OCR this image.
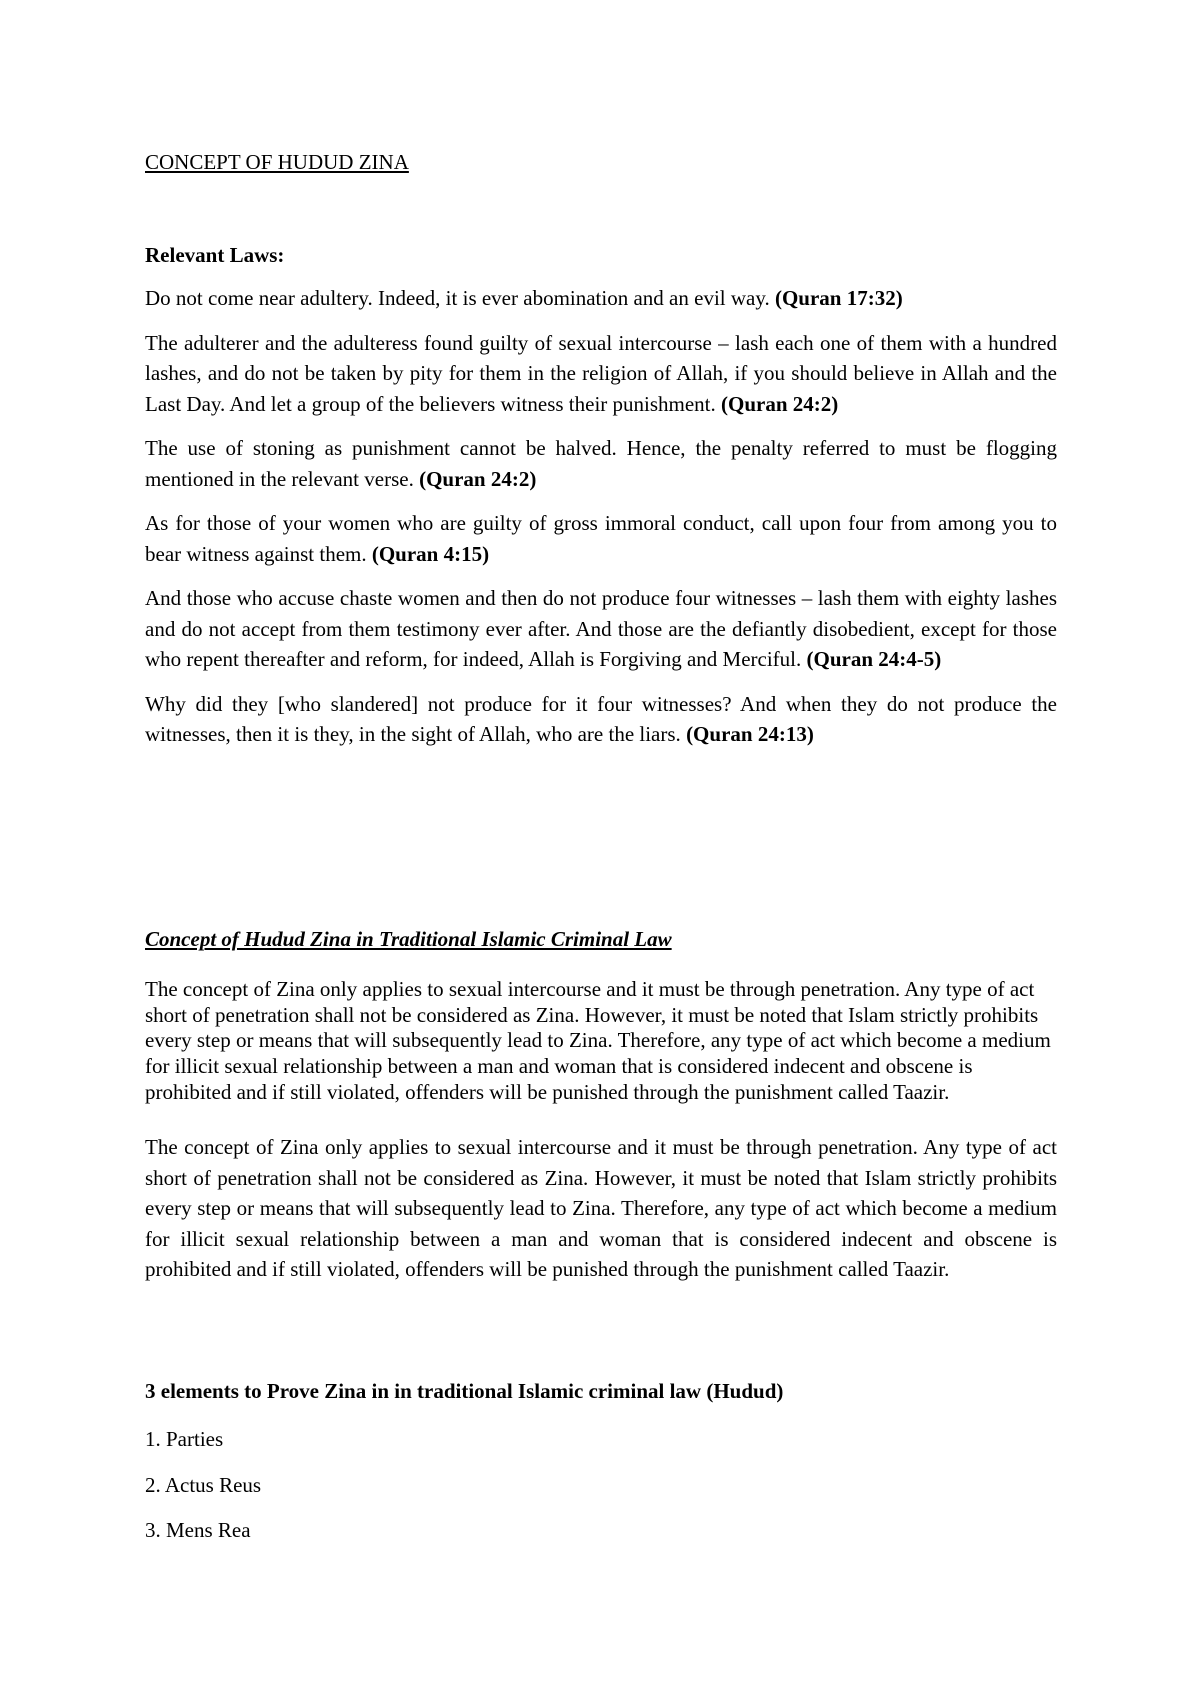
CONCEPT OF HUDUD ZINA
Relevant Laws:

Do not come near adultery. Indeed, it is ever abomination and an evil way. (Quran 17:32)

The adulterer and the adulteress found guilty of sexual intercourse – lash each one of them with a hundred lashes, and do not be taken by pity for them in the religion of Allah, if you should believe in Allah and the Last Day. And let a group of the believers witness their punishment. (Quran 24:2)

The use of stoning as punishment cannot be halved. Hence, the penalty referred to must be flogging mentioned in the relevant verse. (Quran 24:2)

As for those of your women who are guilty of gross immoral conduct, call upon four from among you to bear witness against them. (Quran 4:15)

And those who accuse chaste women and then do not produce four witnesses – lash them with eighty lashes and do not accept from them testimony ever after. And those are the defiantly disobedient, except for those who repent thereafter and reform, for indeed, Allah is Forgiving and Merciful. (Quran 24:4-5)

Why did they [who slandered] not produce for it four witnesses? And when they do not produce the witnesses, then it is they, in the sight of Allah, who are the liars. (Quran 24:13)

Concept of Hudud Zina in Traditional Islamic Criminal Law

The concept of Zina only applies to sexual intercourse and it must be through penetration. Any type of act short of penetration shall not be considered as Zina. However, it must be noted that Islam strictly prohibits every step or means that will subsequently lead to Zina. Therefore, any type of act which become a medium for illicit sexual relationship between a man and woman that is considered indecent and obscene is prohibited and if still violated, offenders will be punished through the punishment called Taazir.

The concept of Zina only applies to sexual intercourse and it must be through penetration. Any type of act short of penetration shall not be considered as Zina. However, it must be noted that Islam strictly prohibits every step or means that will subsequently lead to Zina. Therefore, any type of act which become a medium for illicit sexual relationship between a man and woman that is considered indecent and obscene is prohibited and if still violated, offenders will be punished through the punishment called Taazir.

3 elements to Prove Zina in in traditional Islamic criminal law (Hudud)
1. Parties
2. Actus Reus
3. Mens Rea
